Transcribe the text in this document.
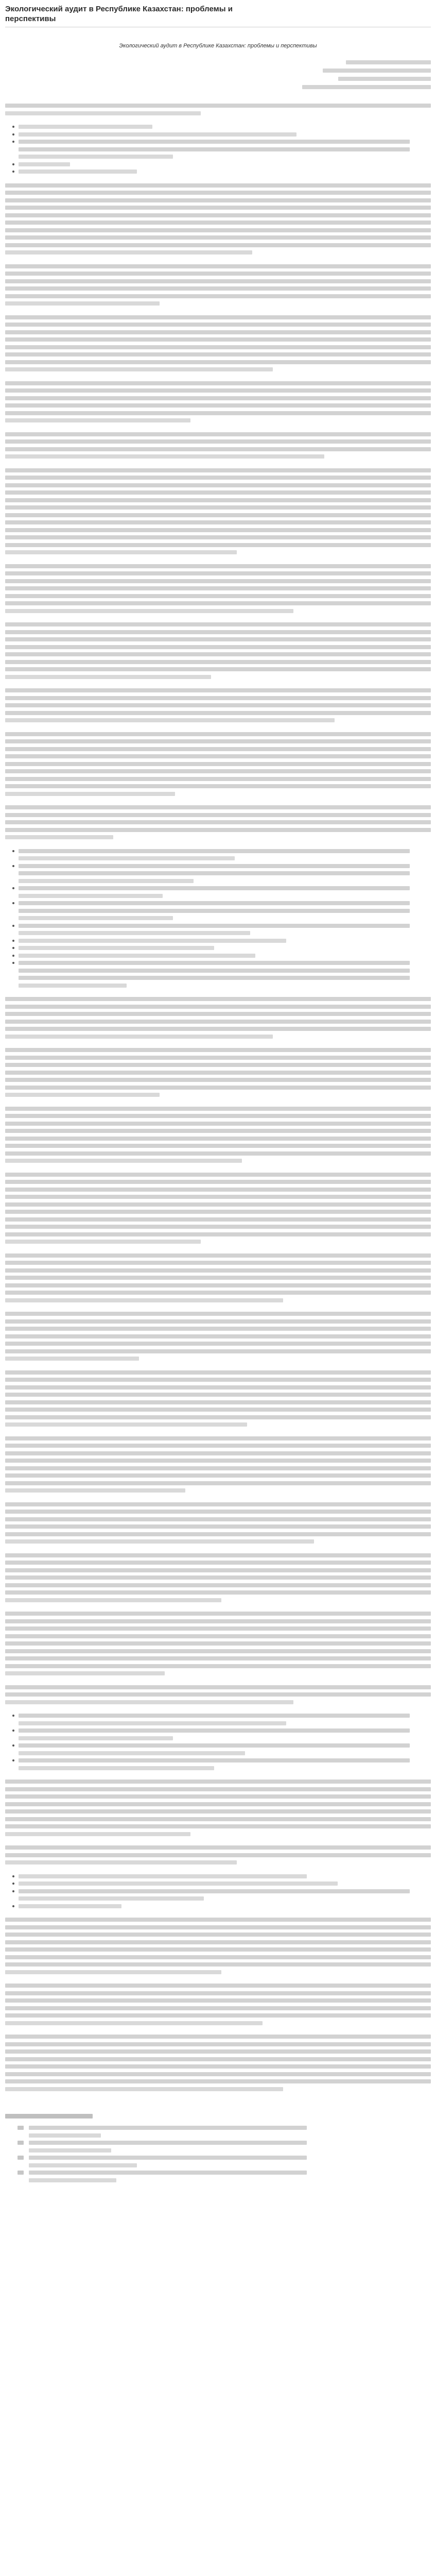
Экологический аудит в Республике Казахстан: проблемы и перспективы
Экологический аудит в Республике Казахстан: проблемы и перспективы
